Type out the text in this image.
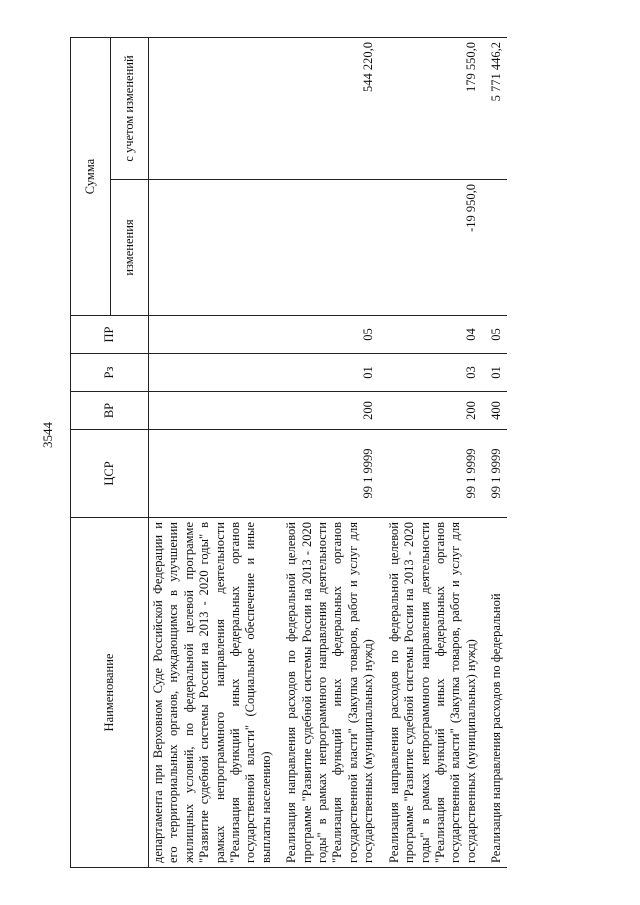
3544
Наименование	ЦСР	ВР	Рз	ПР	Сумма	
					изменения	с учетом изменений
департамента при Верховном Суде Российской Федерации и его территориальных органов, нуждающимся в улучшении жилищных условий, по федеральной целевой программе "Развитие судебной системы России на 2013 - 2020 годы" в рамках непрограммного направления деятельности "Реализация функций иных федеральных органов государственной власти" (Социальное обеспечение и иные выплаты населению)						
Реализация направления расходов по федеральной целевой программе "Развитие судебной системы России на 2013 - 2020 годы" в рамках непрограммного направления деятельности "Реализация функций иных федеральных органов государственной власти" (Закупка товаров, работ и услуг для государственных (муниципальных) нужд)	99 1 9999	200	01	05		544 220,0
Реализация направления расходов по федеральной целевой программе "Развитие судебной системы России на 2013 - 2020 годы" в рамках непрограммного направления деятельности "Реализация функций иных федеральных органов государственной власти" (Закупка товаров, работ и услуг для государственных (муниципальных) нужд)	99 1 9999	200	03	04	-19 950,0	179 550,0
Реализация направления расходов по федеральной	99 1 9999	400	01	05		5 771 446,2
